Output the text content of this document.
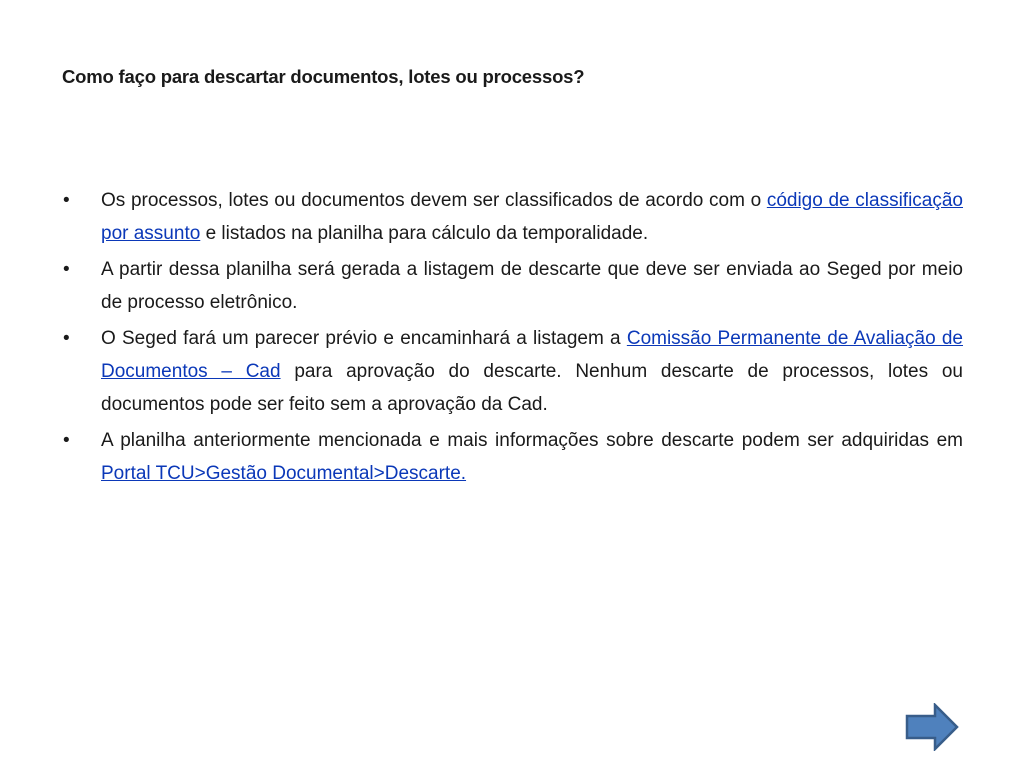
Como faço para descartar documentos, lotes ou processos?
•	Os processos, lotes ou documentos devem ser classificados de acordo com o código de classificação por assunto e listados na planilha para cálculo da temporalidade.
•	A partir dessa planilha será gerada a listagem de descarte que deve ser enviada ao Seged por meio de processo eletrônico.
•	O Seged fará um parecer prévio e encaminhará a listagem a Comissão Permanente de Avaliação de Documentos – Cad para aprovação do descarte. Nenhum descarte de processos, lotes ou documentos pode ser feito sem a aprovação da Cad.
•	A planilha anteriormente mencionada e mais informações sobre descarte podem ser adquiridas em Portal TCU>Gestão Documental>Descarte.
